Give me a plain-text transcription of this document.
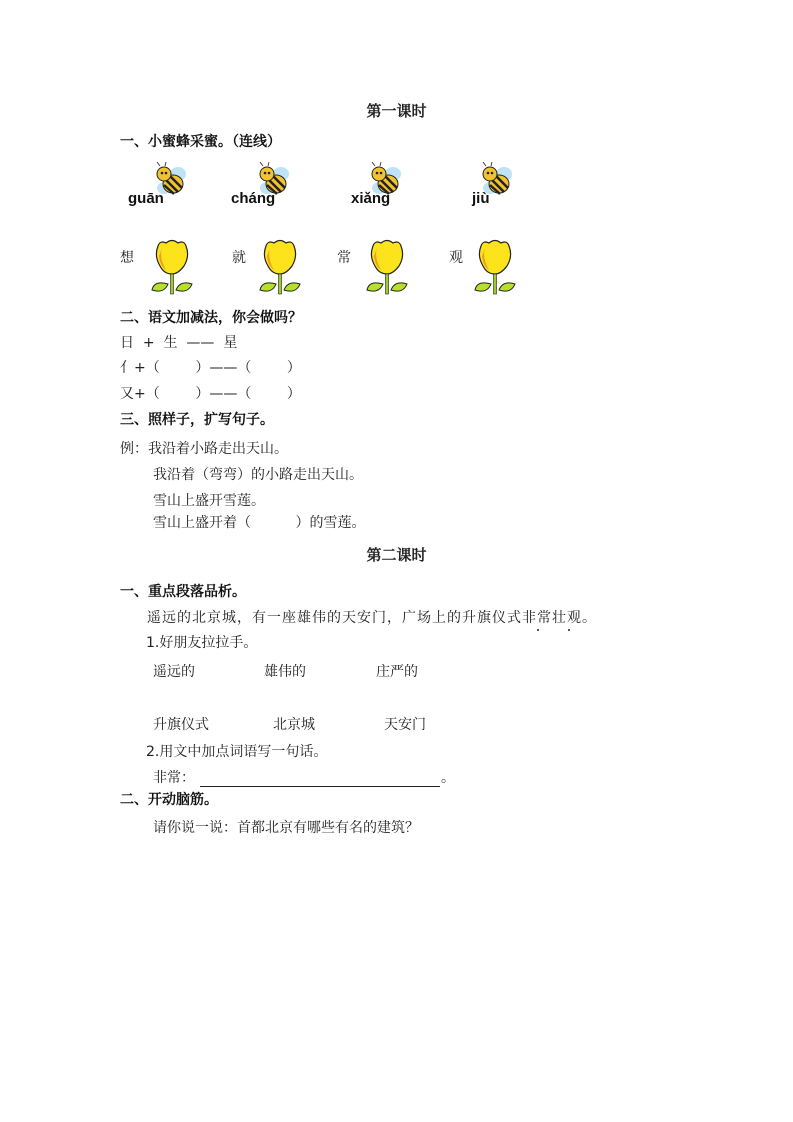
第一课时
一、小蜜蜂采蜜。（连线）
guān	cháng	xiǎng	jiù
想	就	常	观
二、语文加减法，你会做吗？
日  +  生  ——  星
亻+（        ）——（        ）
又+（        ）——（        ）
三、照样子，扩写句子。
例：我沿着小路走出天山。
我沿着（弯弯）的小路走出天山。
雪山上盛开雪莲。
雪山上盛开着（          ）的雪莲。
第二课时
一、重点段落品析。
遥远的北京城，有一座雄伟的天安门，广场上的升旗仪式非常壮观。
1.好朋友拉拉手。
遥远的	雄伟的	庄严的
升旗仪式	北京城	天安门
2.用文中加点词语写一句话。
非常：	。
二、开动脑筋。
请你说一说：首都北京有哪些有名的建筑？
